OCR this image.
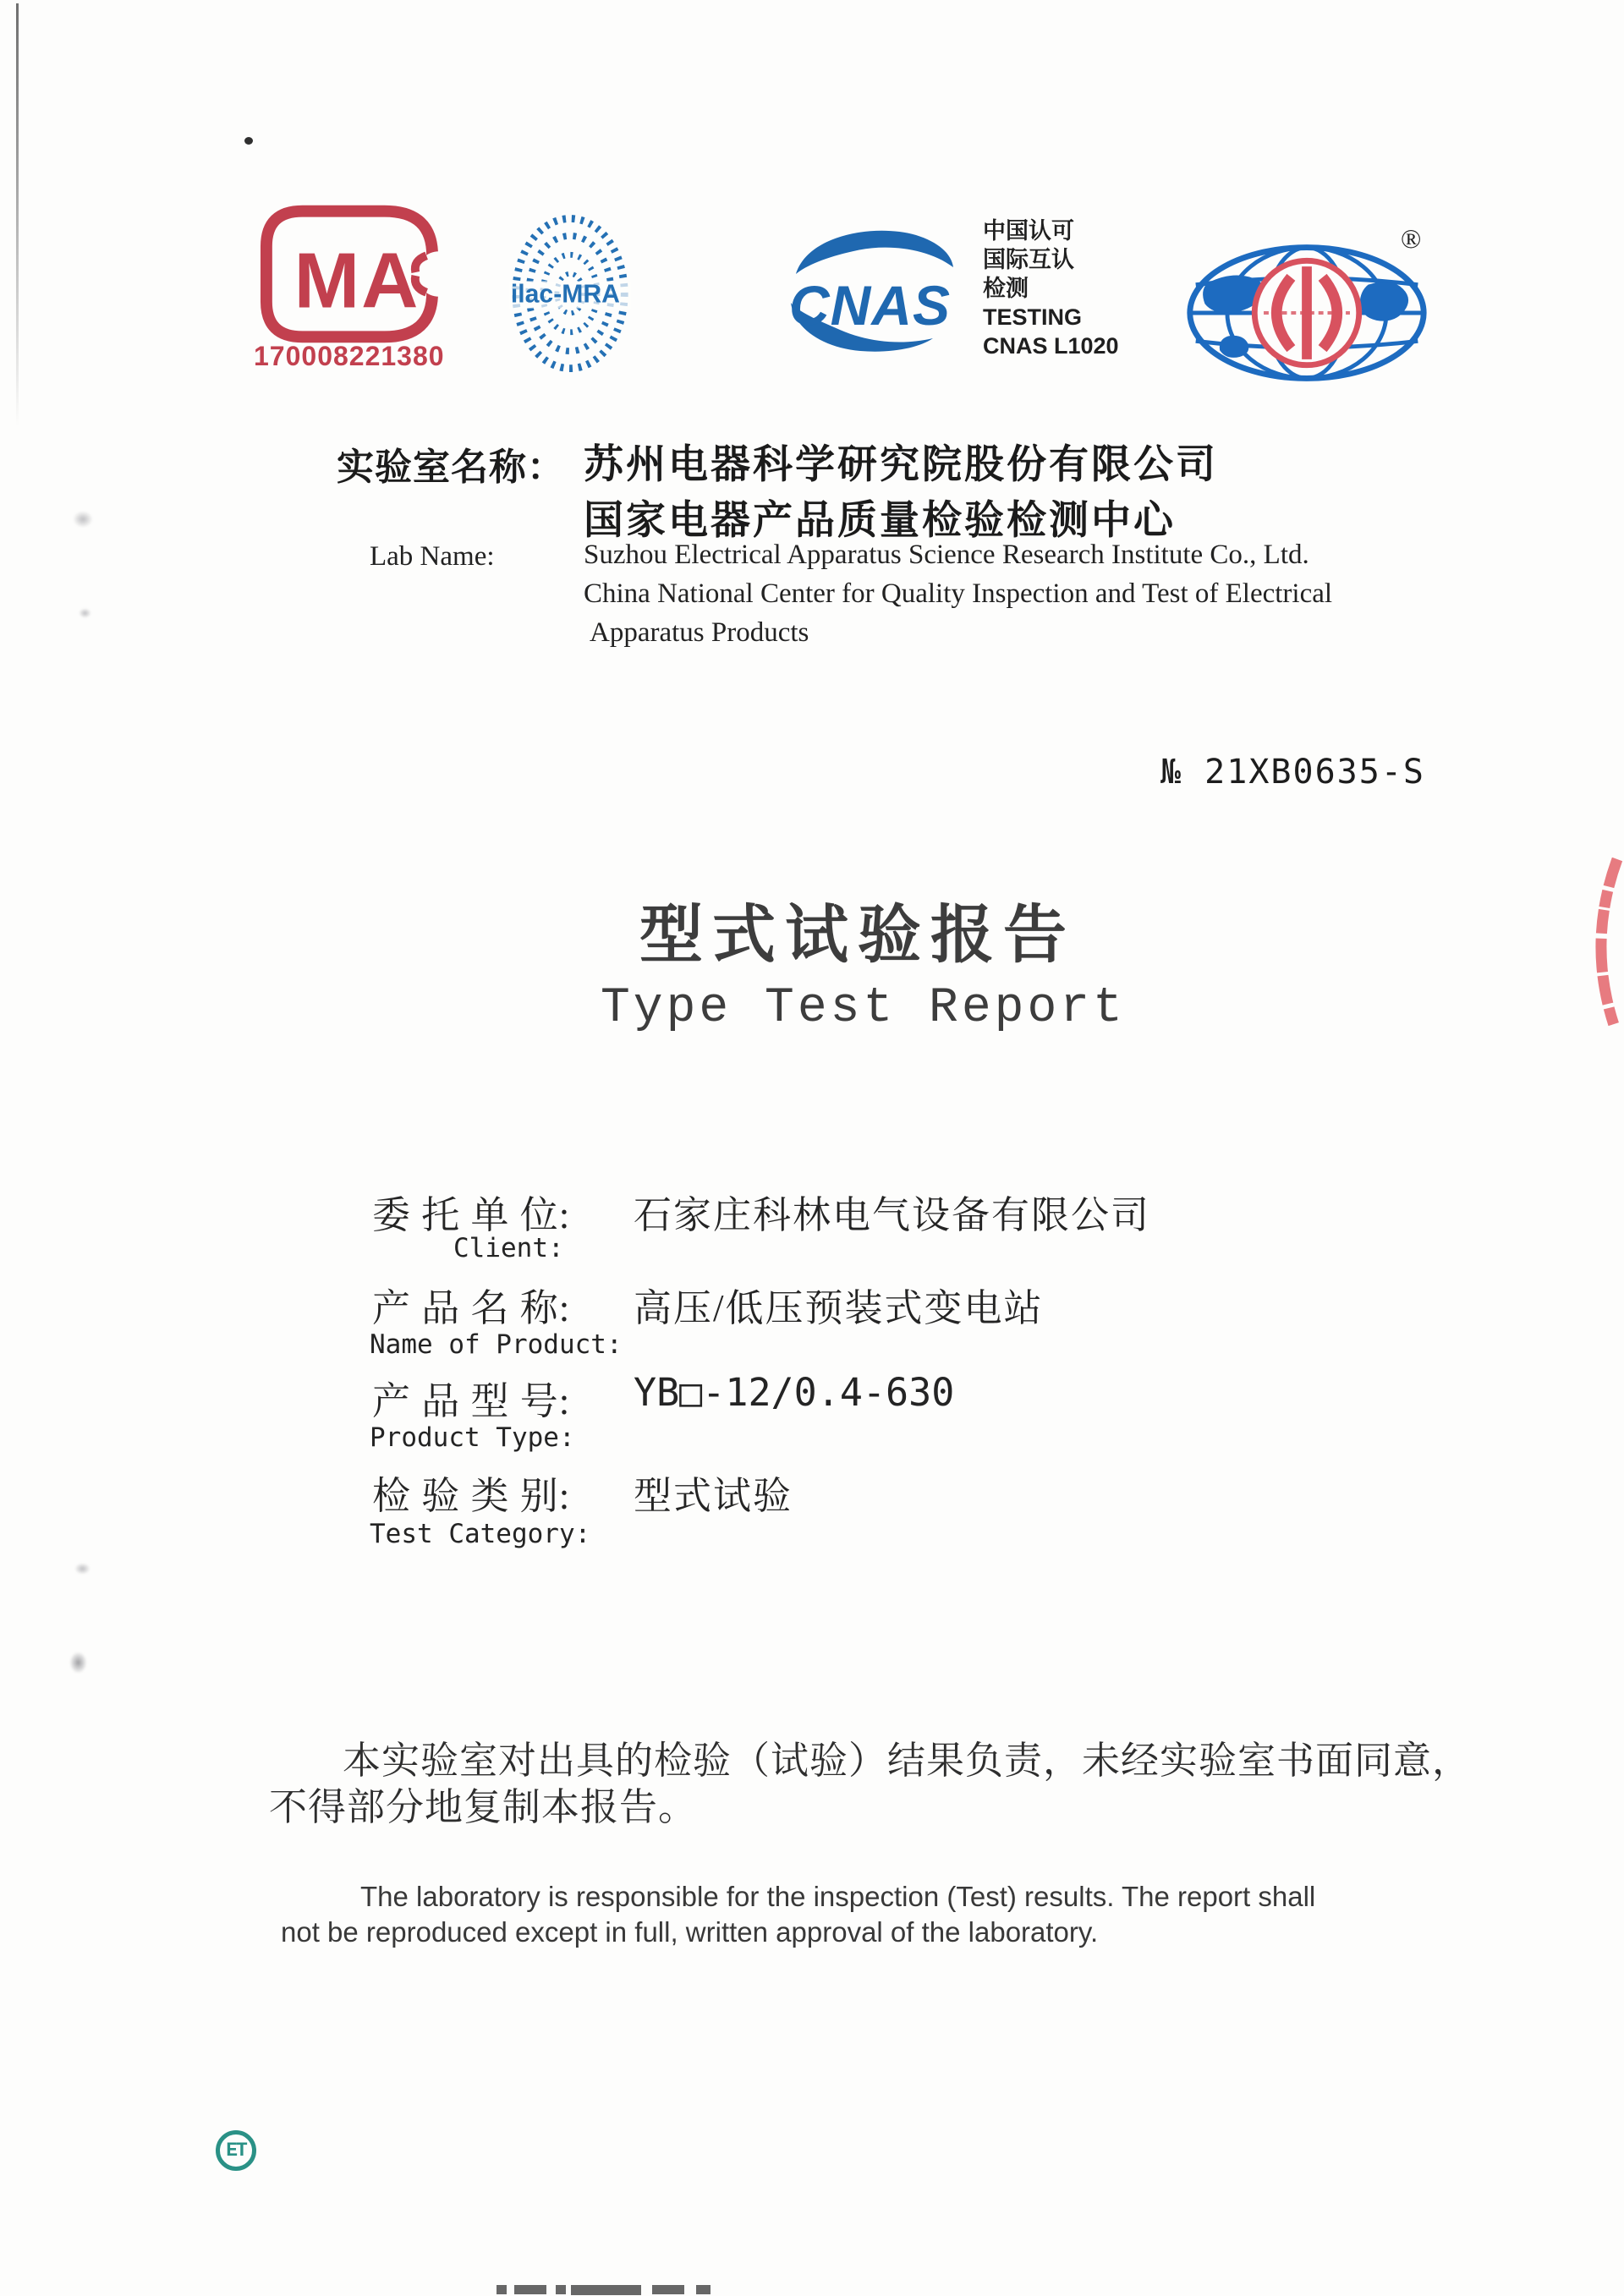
MA
170008221380
ilac-MRA	CNAS
中国认可
国际互认
检测
TESTING
CNAS L1020
®
实验室名称： 苏州电器科学研究院股份有限公司
国家电器产品质量检验检测中心
Lab Name:	Suzhou Electrical Apparatus Science Research Institute Co., Ltd.
China National Center for Quality Inspection and Test of Electrical
Apparatus Products
№ 21XB0635-S
型式试验报告
Type Test Report
委 托 单 位: 石家庄科林电气设备有限公司
Client:
产 品 名 称: 高压/低压预装式变电站
Name of Product:
产 品 型 号: YB□-12/0.4-630
Product Type:
检 验 类 别: 型式试验
Test Category:
本实验室对出具的检验（试验）结果负责，未经实验室书面同意，
不得部分地复制本报告。
The laboratory is responsible for the inspection (Test) results. The report shall
not be reproduced except in full, written approval of the laboratory.
ET
